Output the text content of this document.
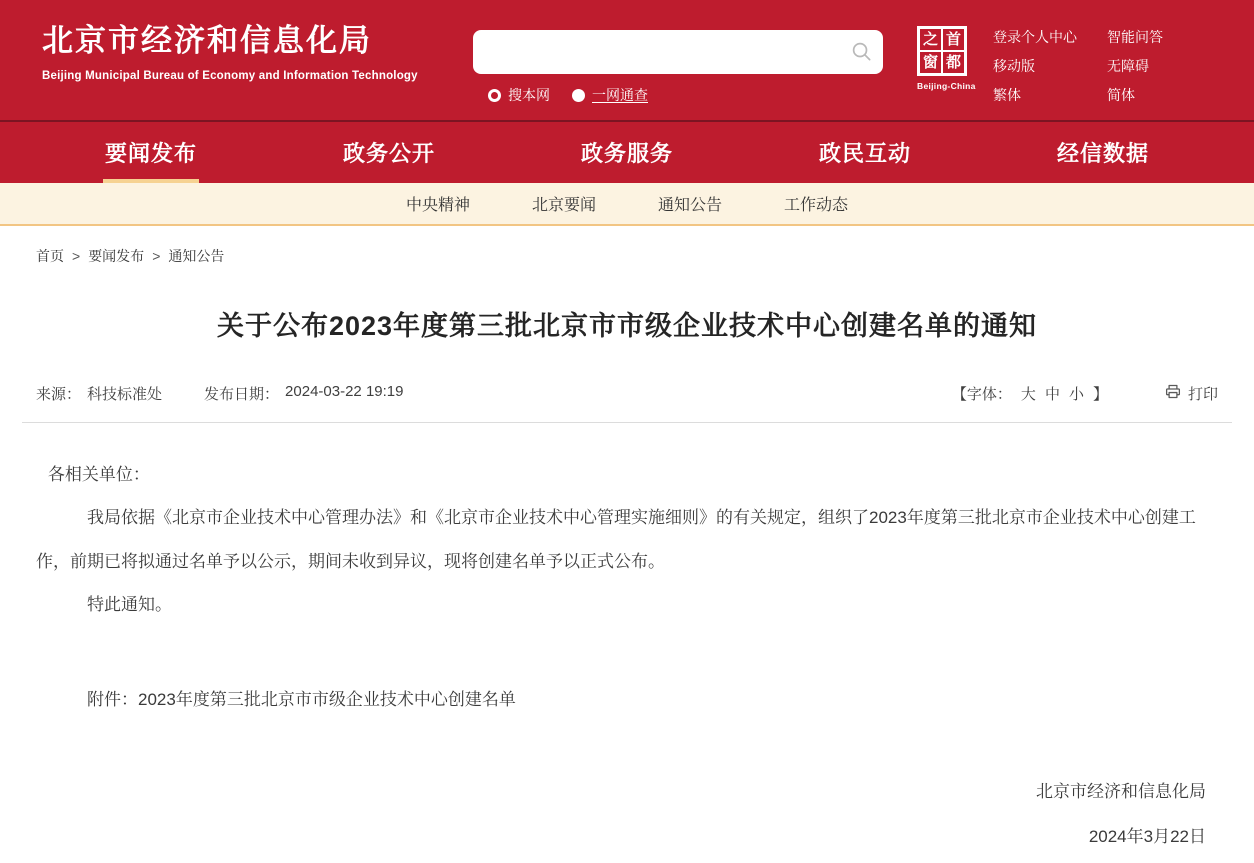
北京市经济和信息化局
Beijing Municipal Bureau of Economy and Information Technology
搜本网	一网通查
之 首
窗 都
Beijing-China
登录个人中心	智能问答
移动版	无障碍
繁体	简体
要闻发布	政务公开	政务服务	政民互动	经信数据
中央精神	北京要闻	通知公告	工作动态
首页 > 要闻发布 > 通知公告
关于公布2023年度第三批北京市市级企业技术中心创建名单的通知
来源： 科技标准处	发布日期： 2024-03-22 19:19	【字体： 大 中 小 】	打印

各相关单位：

我局依据《北京市企业技术中心管理办法》和《北京市企业技术中心管理实施细则》的有关规定，组织了2023年度第三批北京市企业技术中心创建工作，前期已将拟通过名单予以公示，期间未收到异议，现将创建名单予以正式公布。

特此通知。

附件：2023年度第三批北京市市级企业技术中心创建名单

北京市经济和信息化局

2024年3月22日
